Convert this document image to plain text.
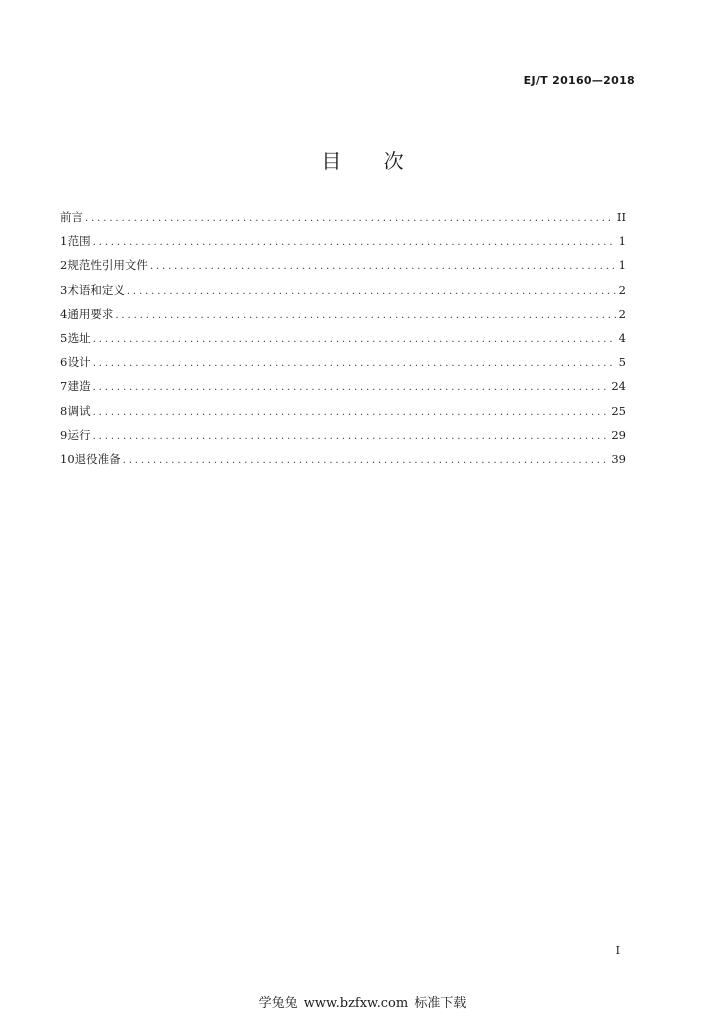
EJ/T 20160—2018
目 次
前言 .....	II
1 范围 .....	1
2 规范性引用文件 .....	1
3 术语和定义 .....	2
4 通用要求 .....	2
5 选址 .....	4
6 设计 .....	5
7 建造 .....	24
8 调试 .....	25
9 运行 .....	29
10 退役准备 .....	39
I
学兔兔 www.bzfxw.com 标准下载
